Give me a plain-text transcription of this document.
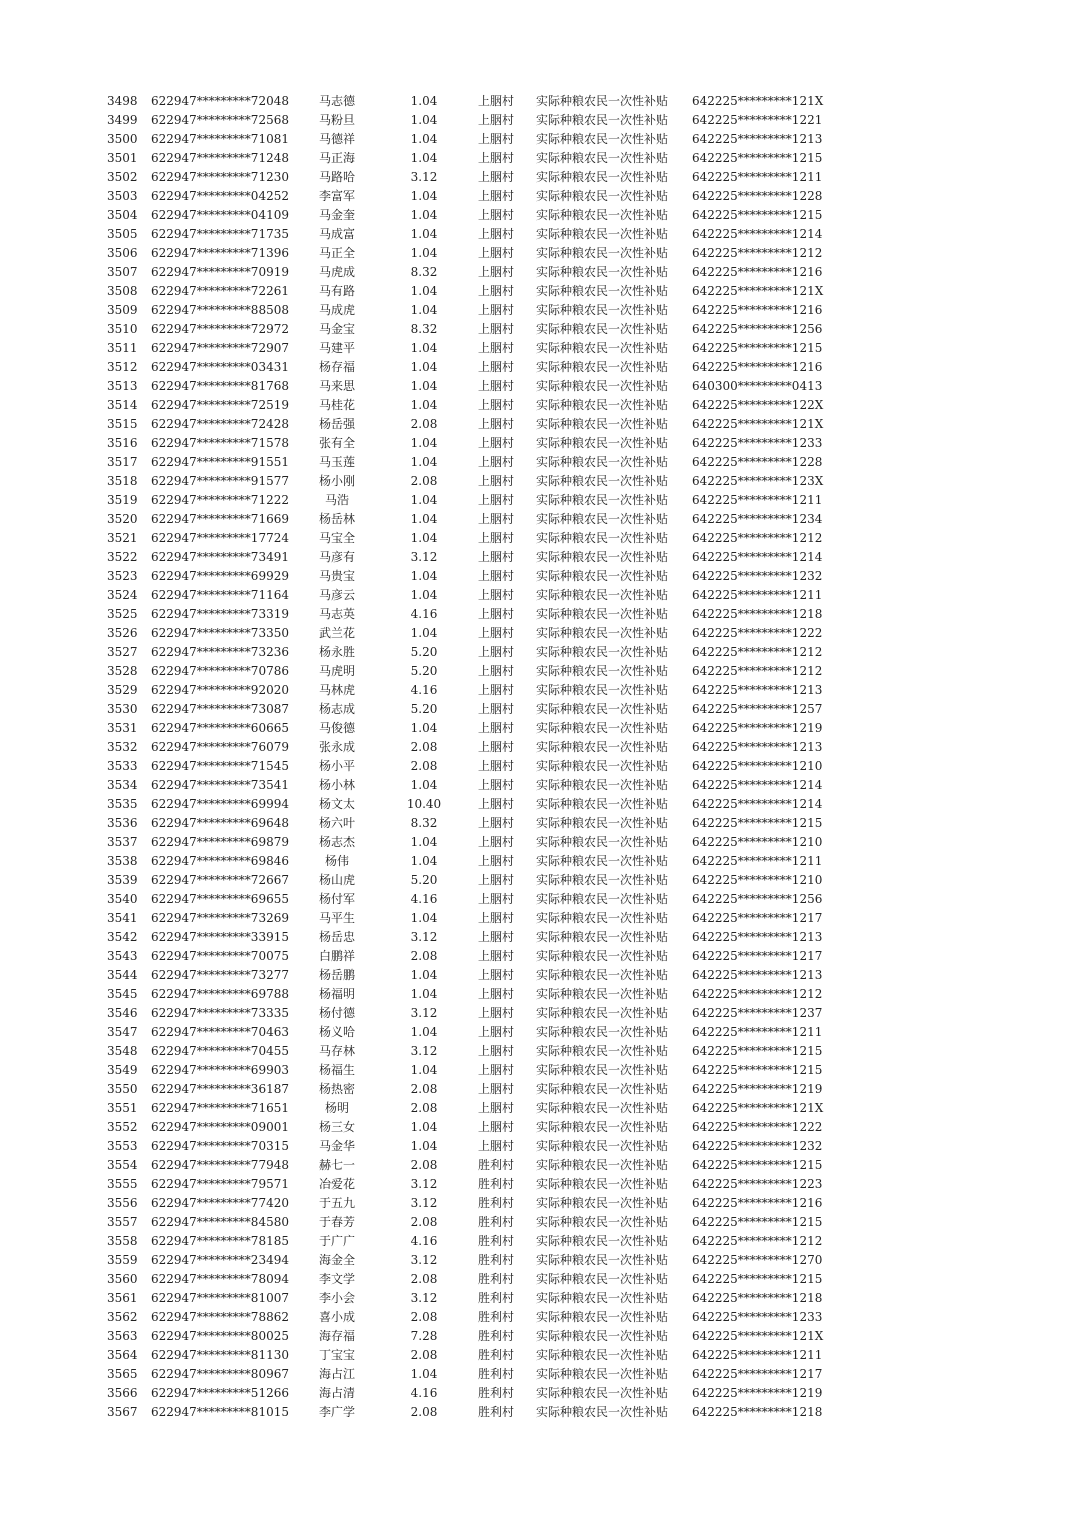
3498	622947*********72048	马志德	1.04	上胭村	实际种粮农民一次性补贴	642225*********121X
3499	622947*********72568	马粉旦	1.04	上胭村	实际种粮农民一次性补贴	642225*********1221
3500	622947*********71081	马德祥	1.04	上胭村	实际种粮农民一次性补贴	642225*********1213
3501	622947*********71248	马正海	1.04	上胭村	实际种粮农民一次性补贴	642225*********1215
3502	622947*********71230	马路哈	3.12	上胭村	实际种粮农民一次性补贴	642225*********1211
3503	622947*********04252	李富军	1.04	上胭村	实际种粮农民一次性补贴	642225*********1228
3504	622947*********04109	马金奎	1.04	上胭村	实际种粮农民一次性补贴	642225*********1215
3505	622947*********71735	马成富	1.04	上胭村	实际种粮农民一次性补贴	642225*********1214
3506	622947*********71396	马正全	1.04	上胭村	实际种粮农民一次性补贴	642225*********1212
3507	622947*********70919	马虎成	8.32	上胭村	实际种粮农民一次性补贴	642225*********1216
3508	622947*********72261	马有路	1.04	上胭村	实际种粮农民一次性补贴	642225*********121X
3509	622947*********88508	马成虎	1.04	上胭村	实际种粮农民一次性补贴	642225*********1216
3510	622947*********72972	马金宝	8.32	上胭村	实际种粮农民一次性补贴	642225*********1256
3511	622947*********72907	马建平	1.04	上胭村	实际种粮农民一次性补贴	642225*********1215
3512	622947*********03431	杨存福	1.04	上胭村	实际种粮农民一次性补贴	642225*********1216
3513	622947*********81768	马来思	1.04	上胭村	实际种粮农民一次性补贴	640300*********0413
3514	622947*********72519	马桂花	1.04	上胭村	实际种粮农民一次性补贴	642225*********122X
3515	622947*********72428	杨岳强	2.08	上胭村	实际种粮农民一次性补贴	642225*********121X
3516	622947*********71578	张有全	1.04	上胭村	实际种粮农民一次性补贴	642225*********1233
3517	622947*********91551	马玉莲	1.04	上胭村	实际种粮农民一次性补贴	642225*********1228
3518	622947*********91577	杨小刚	2.08	上胭村	实际种粮农民一次性补贴	642225*********123X
3519	622947*********71222	马浩	1.04	上胭村	实际种粮农民一次性补贴	642225*********1211
3520	622947*********71669	杨岳林	1.04	上胭村	实际种粮农民一次性补贴	642225*********1234
3521	622947*********17724	马宝全	1.04	上胭村	实际种粮农民一次性补贴	642225*********1212
3522	622947*********73491	马彦有	3.12	上胭村	实际种粮农民一次性补贴	642225*********1214
3523	622947*********69929	马贵宝	1.04	上胭村	实际种粮农民一次性补贴	642225*********1232
3524	622947*********71164	马彦云	1.04	上胭村	实际种粮农民一次性补贴	642225*********1211
3525	622947*********73319	马志英	4.16	上胭村	实际种粮农民一次性补贴	642225*********1218
3526	622947*********73350	武兰花	1.04	上胭村	实际种粮农民一次性补贴	642225*********1222
3527	622947*********73236	杨永胜	5.20	上胭村	实际种粮农民一次性补贴	642225*********1212
3528	622947*********70786	马虎明	5.20	上胭村	实际种粮农民一次性补贴	642225*********1212
3529	622947*********92020	马林虎	4.16	上胭村	实际种粮农民一次性补贴	642225*********1213
3530	622947*********73087	杨志成	5.20	上胭村	实际种粮农民一次性补贴	642225*********1257
3531	622947*********60665	马俊德	1.04	上胭村	实际种粮农民一次性补贴	642225*********1219
3532	622947*********76079	张永成	2.08	上胭村	实际种粮农民一次性补贴	642225*********1213
3533	622947*********71545	杨小平	2.08	上胭村	实际种粮农民一次性补贴	642225*********1210
3534	622947*********73541	杨小林	1.04	上胭村	实际种粮农民一次性补贴	642225*********1214
3535	622947*********69994	杨文太	10.40	上胭村	实际种粮农民一次性补贴	642225*********1214
3536	622947*********69648	杨六叶	8.32	上胭村	实际种粮农民一次性补贴	642225*********1215
3537	622947*********69879	杨志杰	1.04	上胭村	实际种粮农民一次性补贴	642225*********1210
3538	622947*********69846	杨伟	1.04	上胭村	实际种粮农民一次性补贴	642225*********1211
3539	622947*********72667	杨山虎	5.20	上胭村	实际种粮农民一次性补贴	642225*********1210
3540	622947*********69655	杨付军	4.16	上胭村	实际种粮农民一次性补贴	642225*********1256
3541	622947*********73269	马平生	1.04	上胭村	实际种粮农民一次性补贴	642225*********1217
3542	622947*********33915	杨岳忠	3.12	上胭村	实际种粮农民一次性补贴	642225*********1213
3543	622947*********70075	白鹏祥	2.08	上胭村	实际种粮农民一次性补贴	642225*********1217
3544	622947*********73277	杨岳鹏	1.04	上胭村	实际种粮农民一次性补贴	642225*********1213
3545	622947*********69788	杨福明	1.04	上胭村	实际种粮农民一次性补贴	642225*********1212
3546	622947*********73335	杨付德	3.12	上胭村	实际种粮农民一次性补贴	642225*********1237
3547	622947*********70463	杨义哈	1.04	上胭村	实际种粮农民一次性补贴	642225*********1211
3548	622947*********70455	马存林	3.12	上胭村	实际种粮农民一次性补贴	642225*********1215
3549	622947*********69903	杨福生	1.04	上胭村	实际种粮农民一次性补贴	642225*********1215
3550	622947*********36187	杨热密	2.08	上胭村	实际种粮农民一次性补贴	642225*********1219
3551	622947*********71651	杨明	2.08	上胭村	实际种粮农民一次性补贴	642225*********121X
3552	622947*********09001	杨三女	1.04	上胭村	实际种粮农民一次性补贴	642225*********1222
3553	622947*********70315	马金华	1.04	上胭村	实际种粮农民一次性补贴	642225*********1232
3554	622947*********77948	赫七一	2.08	胜利村	实际种粮农民一次性补贴	642225*********1215
3555	622947*********79571	冶爱花	3.12	胜利村	实际种粮农民一次性补贴	642225*********1223
3556	622947*********77420	于五九	3.12	胜利村	实际种粮农民一次性补贴	642225*********1216
3557	622947*********84580	于春芳	2.08	胜利村	实际种粮农民一次性补贴	642225*********1215
3558	622947*********78185	于广广	4.16	胜利村	实际种粮农民一次性补贴	642225*********1212
3559	622947*********23494	海金全	3.12	胜利村	实际种粮农民一次性补贴	642225*********1270
3560	622947*********78094	李文学	2.08	胜利村	实际种粮农民一次性补贴	642225*********1215
3561	622947*********81007	李小会	3.12	胜利村	实际种粮农民一次性补贴	642225*********1218
3562	622947*********78862	喜小成	2.08	胜利村	实际种粮农民一次性补贴	642225*********1233
3563	622947*********80025	海存福	7.28	胜利村	实际种粮农民一次性补贴	642225*********121X
3564	622947*********81130	丁宝宝	2.08	胜利村	实际种粮农民一次性补贴	642225*********1211
3565	622947*********80967	海占江	1.04	胜利村	实际种粮农民一次性补贴	642225*********1217
3566	622947*********51266	海占清	4.16	胜利村	实际种粮农民一次性补贴	642225*********1219
3567	622947*********81015	李广学	2.08	胜利村	实际种粮农民一次性补贴	642225*********1218
